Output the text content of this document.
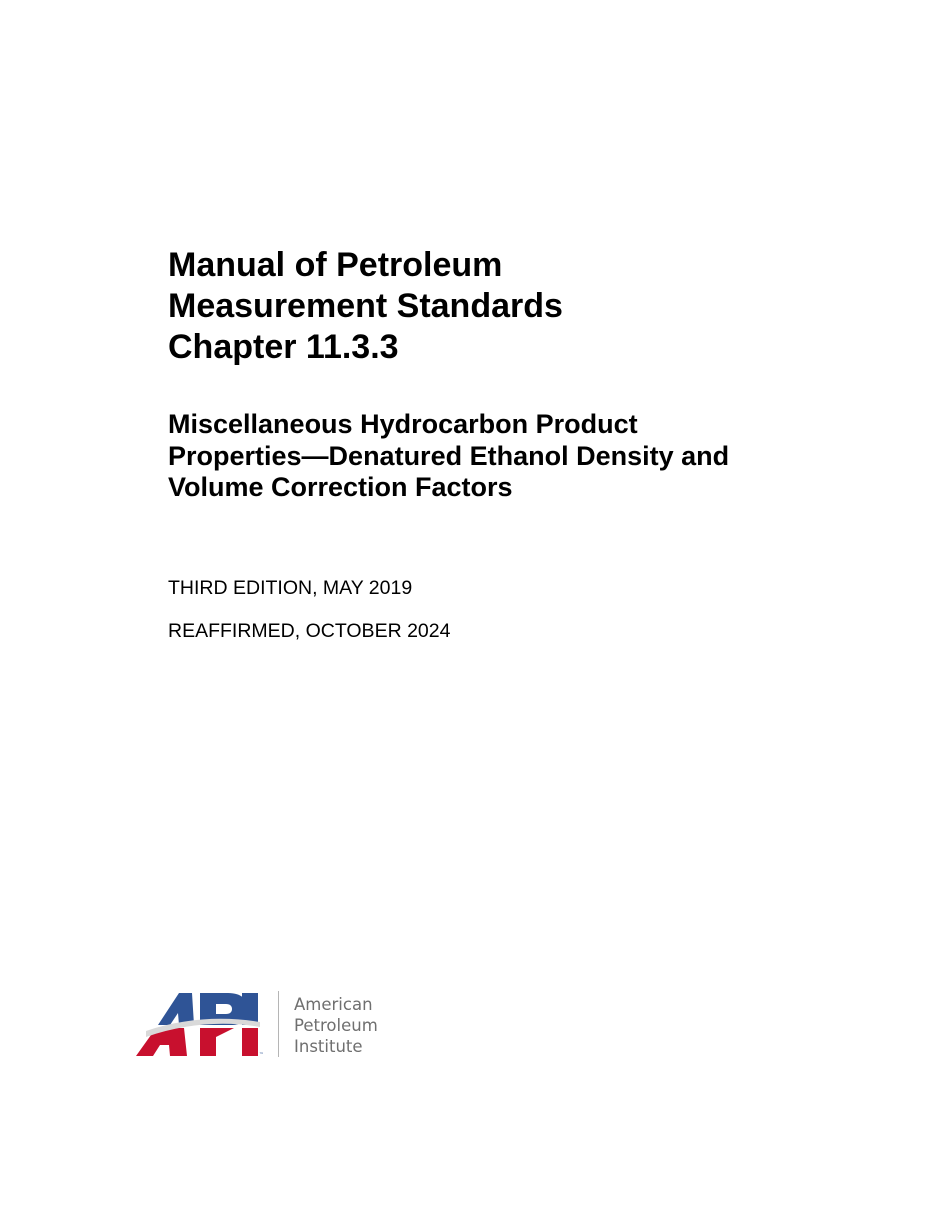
Manual of Petroleum
Measurement Standards
Chapter 11.3.3
Miscellaneous Hydrocarbon Product
Properties—Denatured Ethanol Density and
Volume Correction Factors

THIRD EDITION, MAY 2019

REAFFIRMED, OCTOBER 2024

™
American
Petroleum
Institute
